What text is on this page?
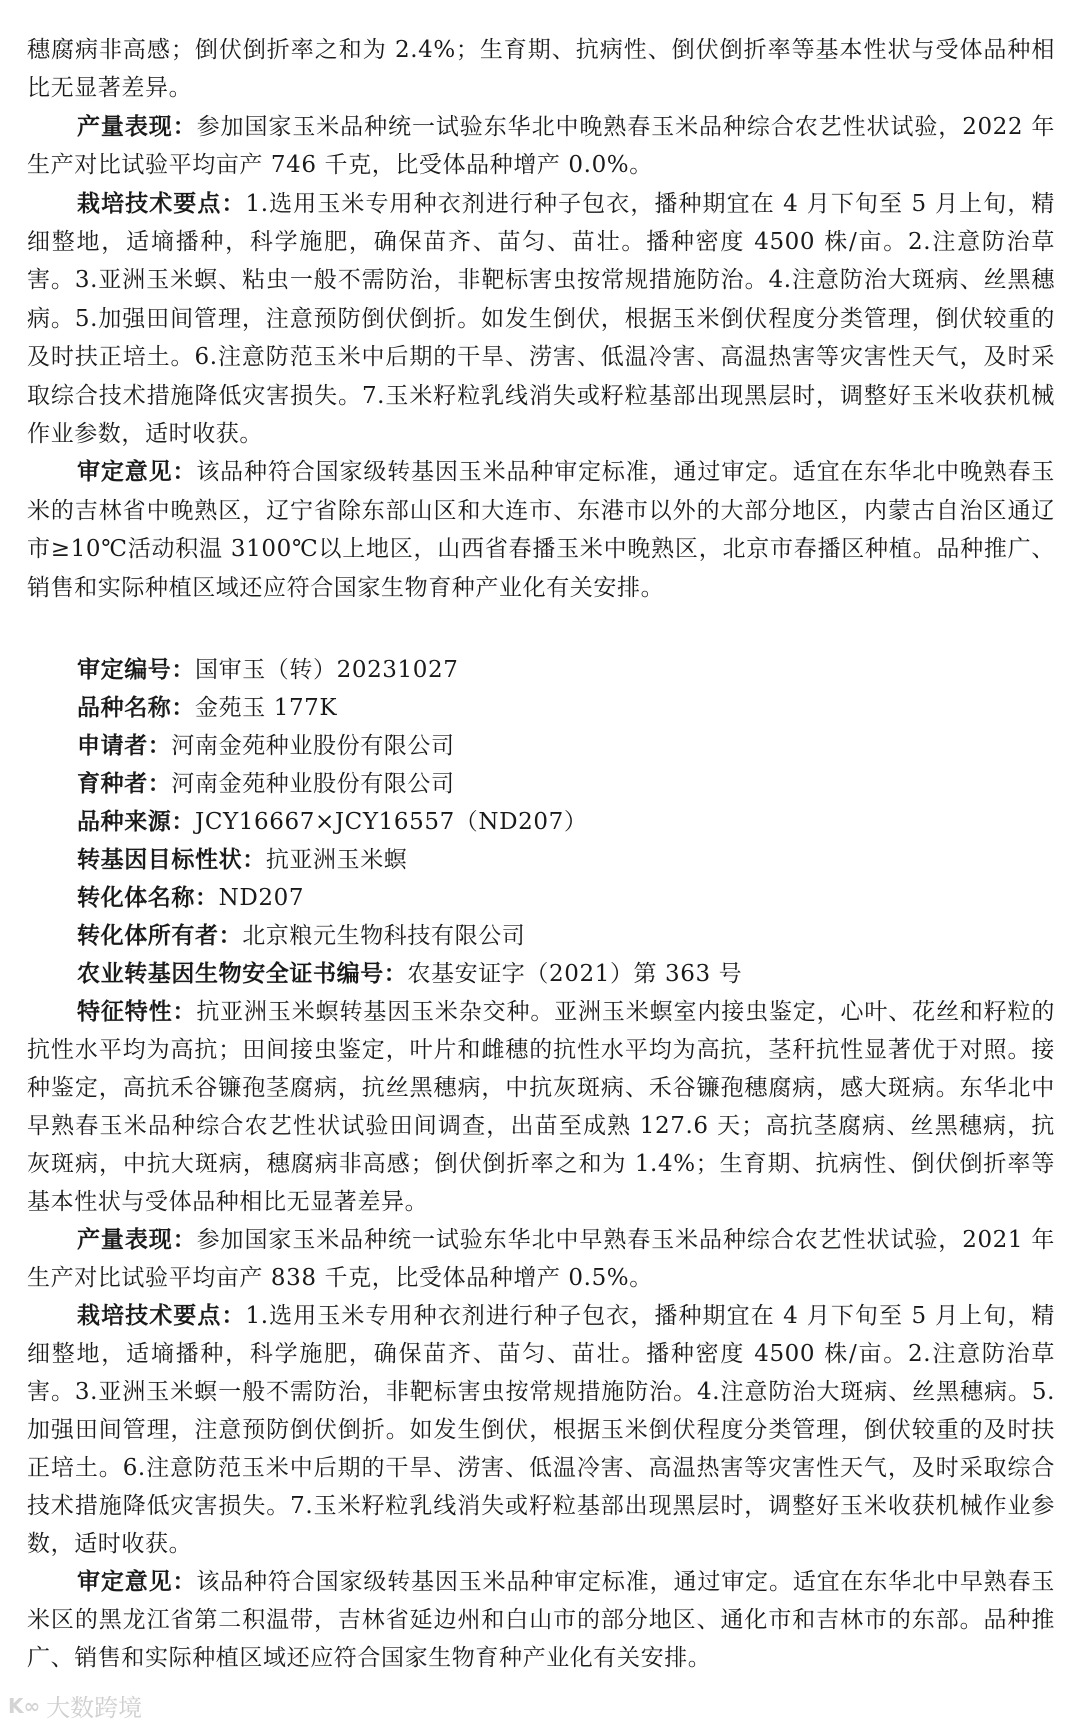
穗腐病非高感；倒伏倒折率之和为 2.4%；生育期、抗病性、倒伏倒折率等基本性状与受体品种相比无显著差异。

产量表现：参加国家玉米品种统一试验东华北中晚熟春玉米品种综合农艺性状试验，2022 年生产对比试验平均亩产 746 千克，比受体品种增产 0.0%。

栽培技术要点：1.选用玉米专用种衣剂进行种子包衣，播种期宜在 4 月下旬至 5 月上旬，精细整地，适墒播种，科学施肥，确保苗齐、苗匀、苗壮。播种密度 4500 株/亩。2.注意防治草害。3.亚洲玉米螟、粘虫一般不需防治，非靶标害虫按常规措施防治。4.注意防治大斑病、丝黑穗病。5.加强田间管理，注意预防倒伏倒折。如发生倒伏，根据玉米倒伏程度分类管理，倒伏较重的及时扶正培土。6.注意防范玉米中后期的干旱、涝害、低温冷害、高温热害等灾害性天气，及时采取综合技术措施降低灾害损失。7.玉米籽粒乳线消失或籽粒基部出现黑层时，调整好玉米收获机械作业参数，适时收获。

审定意见：该品种符合国家级转基因玉米品种审定标准，通过审定。适宜在东华北中晚熟春玉米的吉林省中晚熟区，辽宁省除东部山区和大连市、东港市以外的大部分地区，内蒙古自治区通辽市≥10℃活动积温 3100℃以上地区，山西省春播玉米中晚熟区，北京市春播区种植。品种推广、销售和实际种植区域还应符合国家生物育种产业化有关安排。

审定编号：国审玉（转）20231027

品种名称：金苑玉 177K

申请者：河南金苑种业股份有限公司

育种者：河南金苑种业股份有限公司

品种来源：JCY16667×JCY16557（ND207）

转基因目标性状：抗亚洲玉米螟

转化体名称：ND207

转化体所有者：北京粮元生物科技有限公司

农业转基因生物安全证书编号：农基安证字（2021）第 363 号

特征特性：抗亚洲玉米螟转基因玉米杂交种。亚洲玉米螟室内接虫鉴定，心叶、花丝和籽粒的抗性水平均为高抗；田间接虫鉴定，叶片和雌穗的抗性水平均为高抗，茎秆抗性显著优于对照。接种鉴定，高抗禾谷镰孢茎腐病，抗丝黑穗病，中抗灰斑病、禾谷镰孢穗腐病，感大斑病。东华北中早熟春玉米品种综合农艺性状试验田间调查，出苗至成熟 127.6 天；高抗茎腐病、丝黑穗病，抗灰斑病，中抗大斑病，穗腐病非高感；倒伏倒折率之和为 1.4%；生育期、抗病性、倒伏倒折率等基本性状与受体品种相比无显著差异。

产量表现：参加国家玉米品种统一试验东华北中早熟春玉米品种综合农艺性状试验，2021 年生产对比试验平均亩产 838 千克，比受体品种增产 0.5%。

栽培技术要点：1.选用玉米专用种衣剂进行种子包衣，播种期宜在 4 月下旬至 5 月上旬，精细整地，适墒播种，科学施肥，确保苗齐、苗匀、苗壮。播种密度 4500 株/亩。2.注意防治草害。3.亚洲玉米螟一般不需防治，非靶标害虫按常规措施防治。4.注意防治大斑病、丝黑穗病。5.加强田间管理，注意预防倒伏倒折。如发生倒伏，根据玉米倒伏程度分类管理，倒伏较重的及时扶正培土。6.注意防范玉米中后期的干旱、涝害、低温冷害、高温热害等灾害性天气，及时采取综合技术措施降低灾害损失。7.玉米籽粒乳线消失或籽粒基部出现黑层时，调整好玉米收获机械作业参数，适时收获。

审定意见：该品种符合国家级转基因玉米品种审定标准，通过审定。适宜在东华北中早熟春玉米区的黑龙江省第二积温带，吉林省延边州和白山市的部分地区、通化市和吉林市的东部。品种推广、销售和实际种植区域还应符合国家生物育种产业化有关安排。

K∞ 大数跨境
